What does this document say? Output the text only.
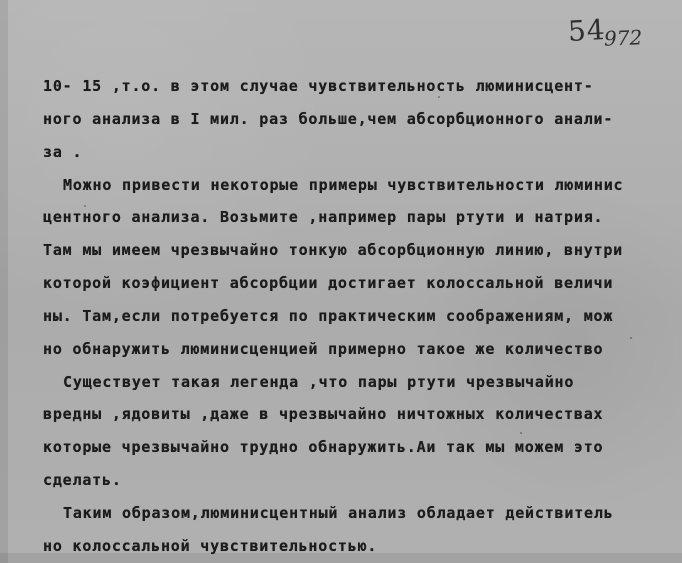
54
972

10- 15 ,т.о. в этом случае чувствительность люминисцент-

ного анализа в I мил. раз больше,чем абсорбционного анали-

за .

Можно привести некоторые примеры чувствительности люминис

центного анализа. Возьмите ,например пары ртути и натрия.

Там мы имеем чрезвычайно тонкую абсорбционную линию, внутри

которой коэфициент абсорбции достигает колоссальной величи

ны. Там,если потребуется по практическим соображениям, мож

но обнаружить люминисценцией примерно такое же количество

Существует такая легенда ,что пары ртути чрезвычайно

вредны ,ядовиты ,даже в чрезвычайно ничтожных количествах

которые чрезвычайно трудно обнаружить.Аи так мы можем это

сделать.

Таким образом,люминисцентный анализ обладает действитель

но колоссальной чувствительностью.
